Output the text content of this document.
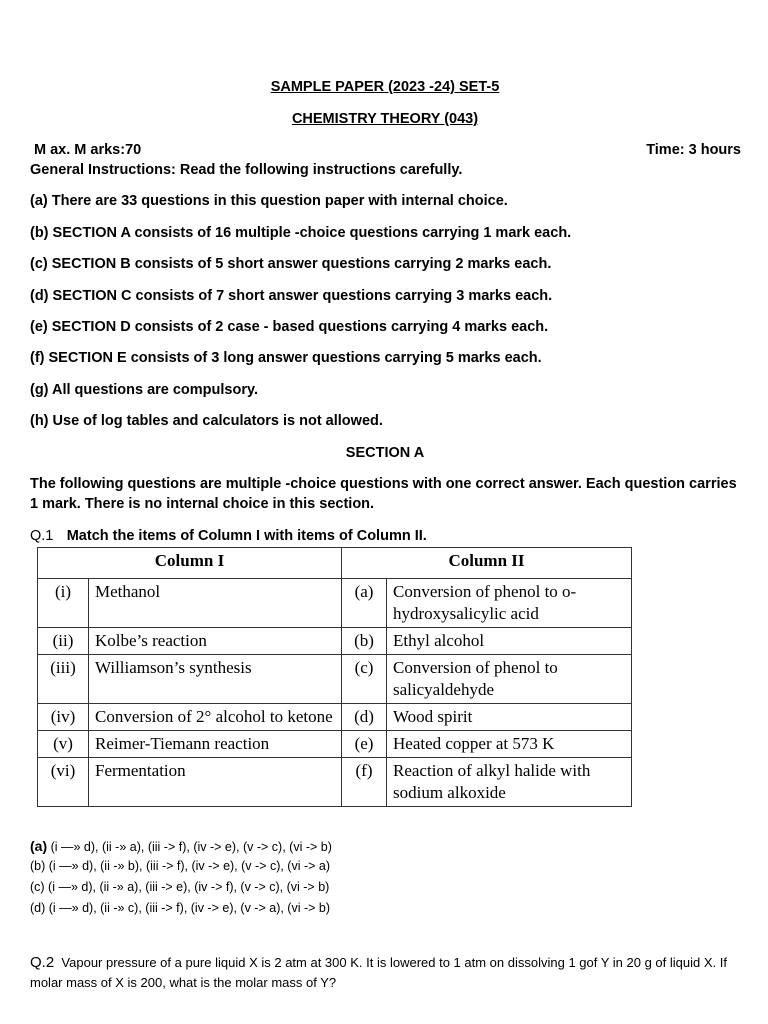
SAMPLE PAPER (2023 -24) SET-5
CHEMISTRY THEORY (043)
M ax. M arks:70	Time: 3 hours
General Instructions: Read the following instructions carefully.
(a) There are 33 questions in this question paper with internal choice.
(b) SECTION A consists of 16 multiple -choice questions carrying 1 mark each.
(c) SECTION B consists of 5 short answer questions carrying 2 marks each.
(d) SECTION C consists of 7 short answer questions carrying 3 marks each.
(e) SECTION D consists of 2 case - based questions carrying 4 marks each.
(f) SECTION E consists of 3 long answer questions carrying 5 marks each.
(g) All questions are compulsory.
(h) Use of log tables and calculators is not allowed.
SECTION A
The following questions are multiple -choice questions with one correct answer. Each question carries 1 mark. There is no internal choice in this section.
Q.1 Match the items of Column I with items of Column II.
Column I		Column II	
(i)	Methanol	(a)	Conversion of phenol to o-hydroxysalicylic acid
(ii)	Kolbe’s reaction	(b)	Ethyl alcohol
(iii)	Williamson’s synthesis	(c)	Conversion of phenol to salicyaldehyde
(iv)	Conversion of 2° alcohol to ketone	(d)	Wood spirit
(v)	Reimer-Tiemann reaction	(e)	Heated copper at 573 K
(vi)	Fermentation	(f)	Reaction of alkyl halide with sodium alkoxide
(a) (i —» d), (ii -» a), (iii -> f), (iv -> e), (v -> c), (vi -> b)
(b) (i —» d), (ii -» b), (iii -> f), (iv -> e), (v -> c), (vi -> a)
(c) (i —» d), (ii -» a), (iii -> e), (iv -> f), (v -> c), (vi -> b)
(d) (i —» d), (ii -» c), (iii -> f), (iv -> e), (v -> a), (vi -> b)
Q.2 Vapour pressure of a pure liquid X is 2 atm at 300 K. It is lowered to 1 atm on dissolving 1 gof Y in 20 g of liquid X. If molar mass of X is 200, what is the molar mass of Y?
